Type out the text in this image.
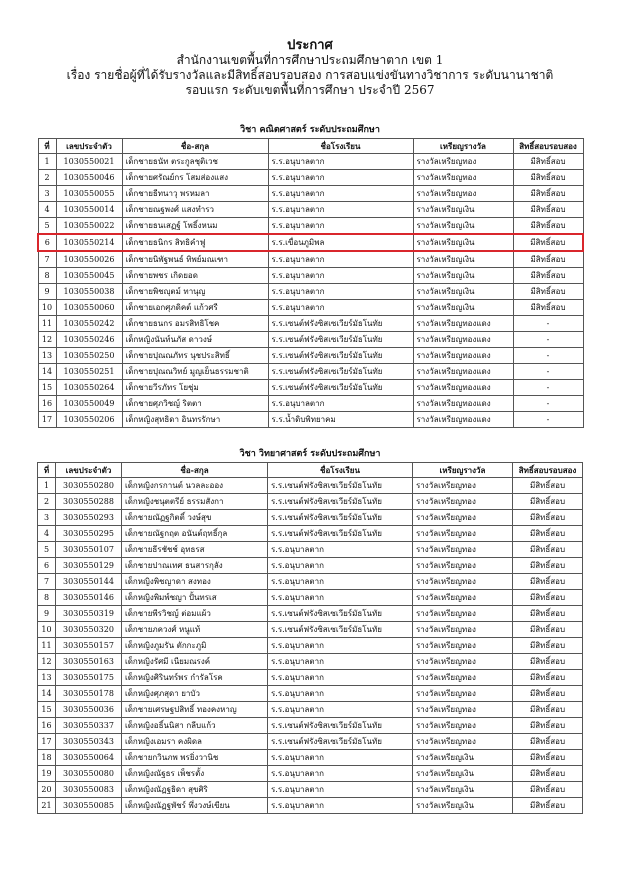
ประกาศ
สำนักงานเขตพื้นที่การศึกษาประถมศึกษาตาก เขต 1
เรื่อง รายชื่อผู้ที่ได้รับรางวัลและมีสิทธิ์สอบรอบสอง การสอบแข่งขันทางวิชาการ ระดับนานาชาติ
รอบแรก ระดับเขตพื้นที่การศึกษา ประจำปี 2567
วิชา คณิตศาสตร์ ระดับประถมศึกษา
ที่	เลขประจำตัว	ชื่อ-สกุล	ชื่อโรงเรียน	เหรียญรางวัล	สิทธิ์สอบรอบสอง
1	1030550021	เด็กชายธนัท ตระกูลชุติเวช	ร.ร.อนุบาลตาก	รางวัลเหรียญทอง	มีสิทธิ์สอบ
2	1030550046	เด็กชายศรัณย์กร โสมส่องแสง	ร.ร.อนุบาลตาก	รางวัลเหรียญทอง	มีสิทธิ์สอบ
3	1030550055	เด็กชายธีทนาวุ พรหมลา	ร.ร.อนุบาลตาก	รางวัลเหรียญทอง	มีสิทธิ์สอบ
4	1030550014	เด็กชายณฐพงศ์ แสงทำรว	ร.ร.อนุบาลตาก	รางวัลเหรียญเงิน	มีสิทธิ์สอบ
5	1030550022	เด็กชายธนเสฏฐ์ โพธิ์งหนม	ร.ร.อนุบาลตาก	รางวัลเหรียญเงิน	มีสิทธิ์สอบ
6	1030550214	เด็กชายธนิกร สิทธิคำฟู	ร.ร.เขื่อนภูมิพล	รางวัลเหรียญเงิน	มีสิทธิ์สอบ
7	1030550026	เด็กชายนิพัฐพนธ์ ทิพย์มณเฑา	ร.ร.อนุบาลตาก	รางวัลเหรียญเงิน	มีสิทธิ์สอบ
8	1030550045	เด็กชายพชร เกิดยอด	ร.ร.อนุบาลตาก	รางวัลเหรียญเงิน	มีสิทธิ์สอบ
9	1030550038	เด็กชายพิชญุตม์ ทานุญ	ร.ร.อนุบาลตาก	รางวัลเหรียญเงิน	มีสิทธิ์สอบ
10	1030550060	เด็กชายเอกศุภดิคต์ แก้วศรี	ร.ร.อนุบาลตาก	รางวัลเหรียญเงิน	มีสิทธิ์สอบ
11	1030550242	เด็กชายธนกร อมรสิทธิโชค	ร.ร.เซนต์ฟรังซิสเซเวียร์มัธโนทัย	รางวัลเหรียญทองแดง	-
12	1030550246	เด็กหญิงนันท์นภัส ดาวงษ์	ร.ร.เซนต์ฟรังซิสเซเวียร์มัธโนทัย	รางวัลเหรียญทองแดง	-
13	1030550250	เด็กชายปุณณภัทร นุชประสิทธิ์	ร.ร.เซนต์ฟรังซิสเซเวียร์มัธโนทัย	รางวัลเหรียญทองแดง	-
14	1030550251	เด็กชายปุณณวิทย์ มูญเย็นธรรมชาติ	ร.ร.เซนต์ฟรังซิสเซเวียร์มัธโนทัย	รางวัลเหรียญทองแดง	-
15	1030550264	เด็กชายวีรภัทร โยชุ่ม	ร.ร.เซนต์ฟรังซิสเซเวียร์มัธโนทัย	รางวัลเหรียญทองแดง	-
16	1030550049	เด็กชายศุภวิชญ์ ริตตา	ร.ร.อนุบาลตาก	รางวัลเหรียญทองแดง	-
17	1030550206	เด็กหญิงสุทธิดา อินทรรักษา	ร.ร.น้ำดิบพิทยาคม	รางวัลเหรียญทองแดง	-
วิชา วิทยาศาสตร์ ระดับประถมศึกษา
ที่	เลขประจำตัว	ชื่อ-สกุล	ชื่อโรงเรียน	เหรียญรางวัล	สิทธิ์สอบรอบสอง
1	3030550280	เด็กหญิงกรกานต์ นวลละออง	ร.ร.เซนต์ฟรังซิสเซเวียร์มัธโนทัย	รางวัลเหรียญทอง	มีสิทธิ์สอบ
2	3030550288	เด็กหญิงชนุตตรีย์ ธรรมสังกา	ร.ร.เซนต์ฟรังซิสเซเวียร์มัธโนทัย	รางวัลเหรียญทอง	มีสิทธิ์สอบ
3	3030550293	เด็กชายณัฏฐกิตติ์ วงษ์สุข	ร.ร.เซนต์ฟรังซิสเซเวียร์มัธโนทัย	รางวัลเหรียญทอง	มีสิทธิ์สอบ
4	3030550295	เด็กชายณัฐกฤต อนันต์ฤทธิ์กุล	ร.ร.เซนต์ฟรังซิสเซเวียร์มัธโนทัย	รางวัลเหรียญทอง	มีสิทธิ์สอบ
5	3030550107	เด็กชายธีรชัชช์ อุทธรส	ร.ร.อนุบาลตาก	รางวัลเหรียญทอง	มีสิทธิ์สอบ
6	3030550129	เด็กชายปาณเทศ ธนสารกุลัง	ร.ร.อนุบาลตาก	รางวัลเหรียญทอง	มีสิทธิ์สอบ
7	3030550144	เด็กหญิงพิชญาดา สงทอง	ร.ร.อนุบาลตาก	รางวัลเหรียญทอง	มีสิทธิ์สอบ
8	3030550146	เด็กหญิงพิมพ์ชญา ปั้นทรเส	ร.ร.อนุบาลตาก	รางวัลเหรียญทอง	มีสิทธิ์สอบ
9	3030550319	เด็กชายพีรวิชญ์ ต่อมแผ้ว	ร.ร.เซนต์ฟรังซิสเซเวียร์มัธโนทัย	รางวัลเหรียญทอง	มีสิทธิ์สอบ
10	3030550320	เด็กชายภควงศ์ หนูแท้	ร.ร.เซนต์ฟรังซิสเซเวียร์มัธโนทัย	รางวัลเหรียญทอง	มีสิทธิ์สอบ
11	3030550157	เด็กหญิงภูมรัน ตักกะภูมิ	ร.ร.อนุบาลตาก	รางวัลเหรียญทอง	มีสิทธิ์สอบ
12	3030550163	เด็กหญิงรัศมี เนียมณรงค์	ร.ร.อนุบาลตาก	รางวัลเหรียญทอง	มีสิทธิ์สอบ
13	3030550175	เด็กหญิงศิรินทร์พร กำรัลโรค	ร.ร.อนุบาลตาก	รางวัลเหรียญทอง	มีสิทธิ์สอบ
14	3030550178	เด็กหญิงศุภสุดา ยาบัว	ร.ร.อนุบาลตาก	รางวัลเหรียญทอง	มีสิทธิ์สอบ
15	3030550036	เด็กชายเศรษฐปสิทธิ์ ทองคงหาญ	ร.ร.อนุบาลตาก	รางวัลเหรียญทอง	มีสิทธิ์สอบ
16	3030550337	เด็กหญิงอธิ์นนิสา กลีบแก้ว	ร.ร.เซนต์ฟรังซิสเซเวียร์มัธโนทัย	รางวัลเหรียญทอง	มีสิทธิ์สอบ
17	3030550343	เด็กหญิงเอมรา คงผิดล	ร.ร.เซนต์ฟรังซิสเซเวียร์มัธโนทัย	รางวัลเหรียญทอง	มีสิทธิ์สอบ
18	3030550064	เด็กชายกวินภพ พรยิ่งวานิช	ร.ร.อนุบาลตาก	รางวัลเหรียญเงิน	มีสิทธิ์สอบ
19	3030550080	เด็กหญิงณัฐธร เพ็ชรตั้ง	ร.ร.อนุบาลตาก	รางวัลเหรียญเงิน	มีสิทธิ์สอบ
20	3030550083	เด็กหญิงณัฏฐธิดา สุขศิริ	ร.ร.อนุบาลตาก	รางวัลเหรียญเงิน	มีสิทธิ์สอบ
21	3030550085	เด็กหญิงณัฏฐพัชร์ พึ่งวงษ์เขียน	ร.ร.อนุบาลตาก	รางวัลเหรียญเงิน	มีสิทธิ์สอบ
